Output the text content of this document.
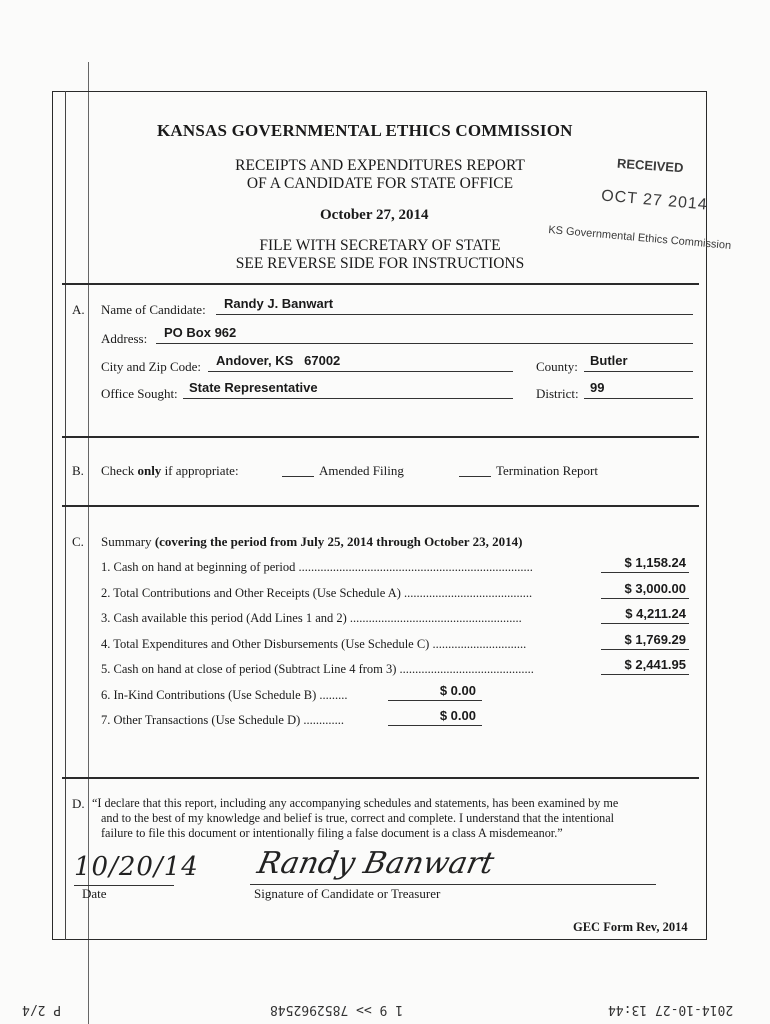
KANSAS GOVERNMENTAL ETHICS COMMISSION
RECEIPTS AND EXPENDITURES REPORT
OF A CANDIDATE FOR STATE OFFICE
October 27, 2014
FILE WITH SECRETARY OF STATE
SEE REVERSE SIDE FOR INSTRUCTIONS
RECEIVED
OCT 27 2014
KS Governmental Ethics Commission
A. Name of Candidate: Randy J. Banwart
Address: PO Box 962
City and Zip Code: Andover, KS   67002	County: Butler
Office Sought: State Representative	District: 99
B. Check only if appropriate:	Amended Filing	Termination Report
C. Summary (covering the period from July 25, 2014 through October 23, 2014)
1. Cash on hand at beginning of period ...........................................................................	$ 1,158.24
2. Total Contributions and Other Receipts (Use Schedule A) .........................................	$ 3,000.00
3. Cash available this period (Add Lines 1 and 2) .......................................................	$ 4,211.24
4. Total Expenditures and Other Disbursements (Use Schedule C) ..............................	$ 1,769.29
5. Cash on hand at close of period (Subtract Line 4 from 3) ...........................................	$ 2,441.95
6. In-Kind Contributions (Use Schedule B) .........	$ 0.00
7. Other Transactions (Use Schedule D) .............	$ 0.00
D. “I declare that this report, including any accompanying schedules and statements, has been examined by me
and to the best of my knowledge and belief is true, correct and complete. I understand that the intentional
failure to file this document or intentionally filing a false document is a class A misdemeanor.”
10/20/14
Date
Randy Banwart
Signature of Candidate or Treasurer
GEC Form Rev, 2014
P 2/4	1 9 >> 7852962548	2014-10-27 13:44
